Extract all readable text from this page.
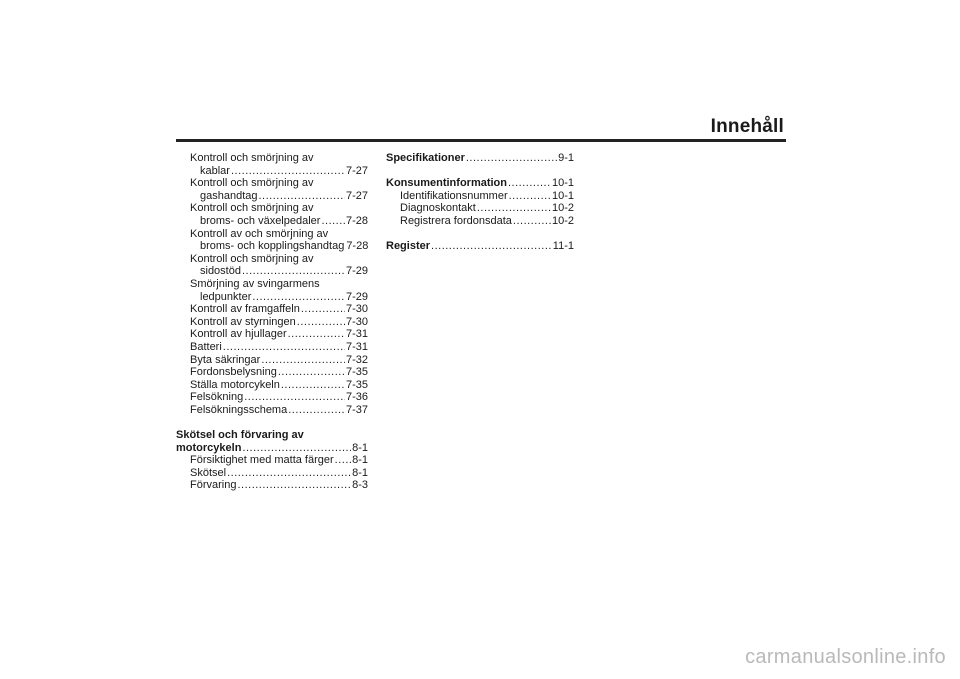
Innehåll
Kontroll och smörjning av
kablar .....	7-27
Kontroll och smörjning av
gashandtag .....	7-27
Kontroll och smörjning av
broms- och växelpedaler ..... 7-28
Kontroll av och smörjning av
broms- och kopplingshandtag 7-28
Kontroll och smörjning av
sidostöd .....	7-29
Smörjning av svingarmens
ledpunkter .....	7-29
Kontroll av framgaffeln .....	7-30
Kontroll av styrningen .....	7-30
Kontroll av hjullager .....	7-31
Batteri .....	7-31
Byta säkringar .....	7-32
Fordonsbelysning .....	7-35
Ställa motorcykeln .....	7-35
Felsökning .....	7-36
Felsökningsschema .....	7-37
Skötsel och förvaring av
motorcykeln .....	8-1
Försiktighet med matta färger ..... 8-1
Skötsel .....	8-1
Förvaring .....	8-3
Specifikationer .....	9-1
Konsumentinformation .....	10-1
Identifikationsnummer .....	10-1
Diagnoskontakt .....	10-2
Registrera fordonsdata .....	10-2
Register .....	11-1
carmanualsonline.info
